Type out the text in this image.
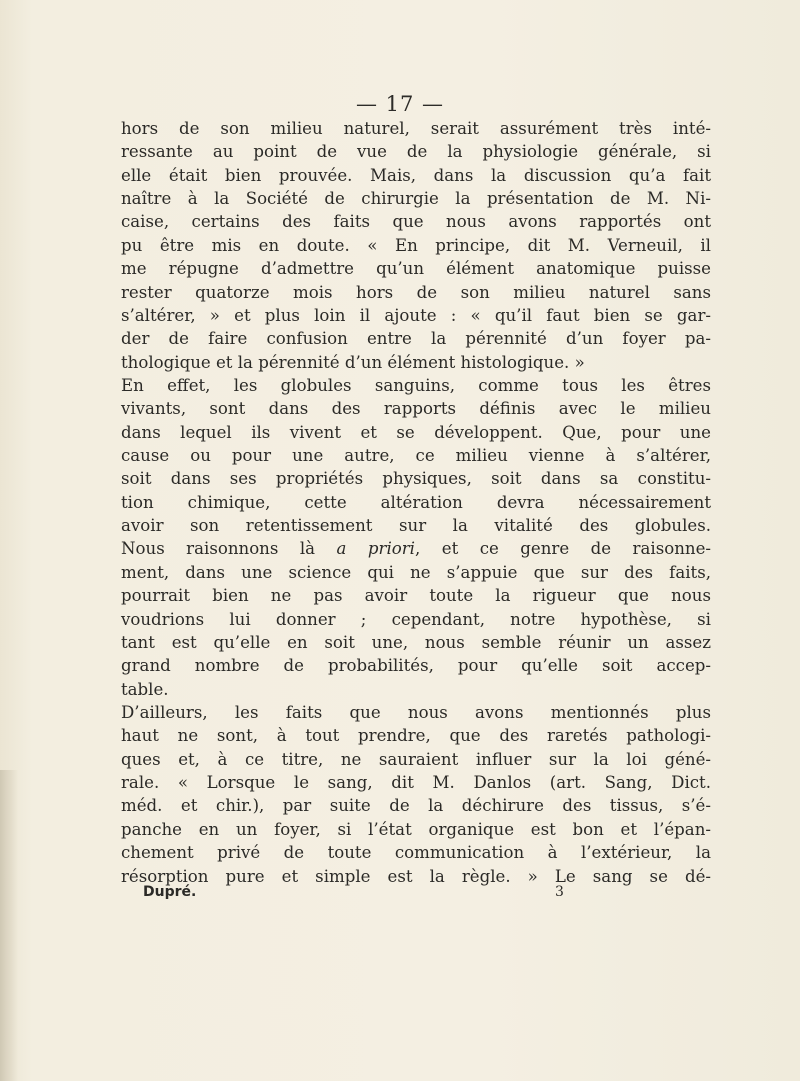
— 17 —
hors de son milieu naturel, serait assurément très inté-
ressante au point de vue de la physiologie générale, si
elle était bien prouvée. Mais, dans la discussion qu’a fait
naître à la Société de chirurgie la présentation de M. Ni-
caise, certains des faits que nous avons rapportés ont
pu être mis en doute. « En principe, dit M. Verneuil, il
me répugne d’admettre qu’un élément anatomique puisse
rester quatorze mois hors de son milieu naturel sans
s’altérer, » et plus loin il ajoute : « qu’il faut bien se gar-
der de faire confusion entre la pérennité d’un foyer pa-
thologique et la pérennité d’un élément histologique. »
En effet, les globules sanguins, comme tous les êtres
vivants, sont dans des rapports définis avec le milieu
dans lequel ils vivent et se développent. Que, pour une
cause ou pour une autre, ce milieu vienne à s’altérer,
soit dans ses propriétés physiques, soit dans sa constitu-
tion chimique, cette altération devra nécessairement
avoir son retentissement sur la vitalité des globules.
Nous raisonnons là a priori, et ce genre de raisonne-
ment, dans une science qui ne s’appuie que sur des faits,
pourrait bien ne pas avoir toute la rigueur que nous
voudrions lui donner ; cependant, notre hypothèse, si
tant est qu’elle en soit une, nous semble réunir un assez
grand nombre de probabilités, pour qu’elle soit accep-
table.
D’ailleurs, les faits que nous avons mentionnés plus
haut ne sont, à tout prendre, que des raretés pathologi-
ques et, à ce titre, ne sauraient influer sur la loi géné-
rale. « Lorsque le sang, dit M. Danlos (art. Sang, Dict.
méd. et chir.), par suite de la déchirure des tissus, s’é-
panche en un foyer, si l’état organique est bon et l’épan-
chement privé de toute communication à l’extérieur, la
résorption pure et simple est la règle. » Le sang se dé-
Dupré.	3
